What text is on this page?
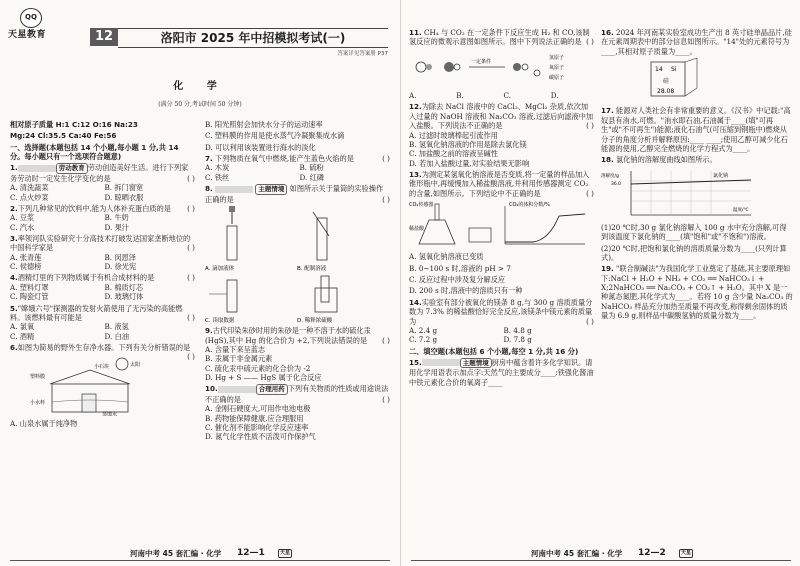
QQ
天星教育	12	洛阳市 2025 年中招模拟考试(一)
答案详见答案册 P37
化 学
(满分 50 分,考试时间 50 分钟)
相对原子质量 H:1 C:12 O:16 Na:23
Mg:24 Cl:35.5 Ca:40 Fe:56
一、选择题(本题包括 14 个小题,每小题 1 分,共 14 分。每小题只有一个选项符合题意)
1.	劳动教育 劳动创造美好生活。进行下列家务劳动时一定发生化学变化的是	( )
A. 清洗蔬菜	B. 拆门窗宽
C. 点火炒菜	D. 晾晒衣服
2.下列几种常见的饮料中,能为人体补充蛋白质的是 ( )
A. 豆浆	B. 牛奶
C. 汽水	D. 果汁
3.率领河队实验研究十分高技术打破发达国家垄断地位的中国科学家是	( )
A. 张青莲	B. 闵恩泽
C. 侯德榜	D. 徐光宪
4.酒精灯里的下列物质属于有机合成材料的是	( )
A. 塑料灯罩	B. 棉质灯芯
C. 陶瓷灯管	D. 玻璃灯体
5."嫦娥六号"探测器的发射火箭使用了无污染的高能燃料。该燃料最有可能是	( )
A. 氯氧	B. 液氢
C. 酒精	D. 白油
6.如图为简易的野外生存净水器。下列有关分析错误的是
( )
太阳
塑料膜
小石块
小水杯
蒸馏水
A. 山泉水属于纯净物
B. 阳光照射会加快水分子的运动速率
C. 塑料膜的作用是使水蒸气冷凝聚集成水滴
D. 可以利用该装置进行海水的淡化
7. 下列物质在氧气中燃烧,能产生蓝色火焰的是	( )
A. 木炭	B. 硫粉
C. 铁丝	D. 红磷
8.	主题情境 如图所示关于量筒的实验操作正确的是	( )
A. 滴加液体	B. 配制溶液
C. 读取数据	D. 稀释浓硫酸
9.古代印染朱砂时用的朱砂是一种不溶于水的硫化汞(HgS),其中 Hg 的化合价为 +2,下列说法错误的是 ( )
A. 含量下来呈蓝志
B. 汞属于非金属元素
C. 硫化汞中硫元素的化合价为 -2
D. Hg + S —— HgS 属于化合反应
10.	合理用药 下列有关物质的性质或用途说法不正确的是	( )
A. 金刚石硬度大,可用作电池电极
B. 药物能保障健康,应合理服用
C. 催化剂不能影响化学反应速率
D. 氮气化学性质不活泼可作保护气
河南中考 45 套汇编 · 化学 12—1	天星
11. CH₄ 与 CO₂ 在一定条件下反应生成 H₂ 和 CO,该制氢反应的微观示意图如图所示。图中下列说法正确的是 ( )
一定条件
氢原子
氧原子
碳原子
A.	B.	C.	D.
12.为除去 NaCl 溶液中的 CaCl₂、MgCl₂ 杂质,依次加入过量的 NaOH 溶液和 Na₂CO₃ 溶液,过滤后向滤液中加入盐酸。下列说法不正确的是	( )
A. 过滤时玻璃棒起引流作用
B. 氢氧化钠溶液的作用是除去氯化镁
C. 加盐酸之前的溶液呈碱性
D. 若加入盐酸过量,对实验结果无影响
13.为测定某氢氧化钠溶液是否变质,将一定量的样品加入锥形瓶中,再缓慢加入稀盐酸溶液,并利用传感器测定 CO₂ 的含量,如图所示。下列结论中不正确的是	( )
CO₂传感器
稀盐酸
CO₂的体积分数/%
A. 氢氧化钠溶液已变质
B. 0~100 s 时,溶液的 pH > 7
C. 反应过程中涉及复分解反应
D. 200 s 时,溶液中的溶质只有一种
14.实验室有部分被氧化的镁条 8 g,与 300 g 溶质质量分数为 7.3% 的稀盐酸恰好完全反应,该镁条中镁元素的质量为	( )
A. 2.4 g	B. 4.8 g
C. 7.2 g	D. 7.8 g
二、填空题(本题包括 6 个小题,每空 1 分,共 16 分)
15.	主题情境 厨房中蕴含着许多化学知识。请用化学用语表示加点字:天然气的主要成分____;铁强化酱油中铁元素化合价的氧离子____
16. 2024 年河南某实验室成功生产出 8 英寸硅单晶品片,硅在元素周期表中的部分信息如图所示。"14"处的元素符号为____,其相对原子质量为____。
14 Si
硅
28.08
17. 能源对人类社会有非常重要的意义。《汉书》中记载:"高奴县有洧水,可燃。"洧水即石油,石油属于____(填"可再生"或"不可再生")能源;液化石油气(可压缩到钢瓶中)燃烧从分子的角度分析并解释原因:____ ____;使用乙醇可减少化石能源的使用,乙醇完全燃烧的化学方程式为____。
18. 氯化钠的溶解度曲线如图所示。
溶解度/g	氯化钠
温度/℃
36.0
(1)20 ℃时,30 g 氯化钠溶解入 100 g 水中充分溶解,可得到该温度下氯化钠的____(填"饱和"或"不饱和")溶液。
(2)20 ℃时,把饱和氯化钠的溶质质量分数为____(只列计算式)。
19. "联合制碱法"为我国化学工业奠定了基础,其主要原理如下:NaCl + H₂O + NH₃ + CO₂ ══ NaHCO₃↓ + X;2NaHCO₃ ══ Na₂CO₃ + CO₂↑ + H₂O。其中 X 是一种氮态氮肥,其化学式为____。若将 10 g 含少量 Na₂CO₃ 的 NaHCO₃ 样品充分加热至质量不再改变,称得剩余固体的质量为 6.9 g,则样品中碳酸氢钠的质量分数为____。
河南中考 45 套汇编 · 化学 12—2	天星
